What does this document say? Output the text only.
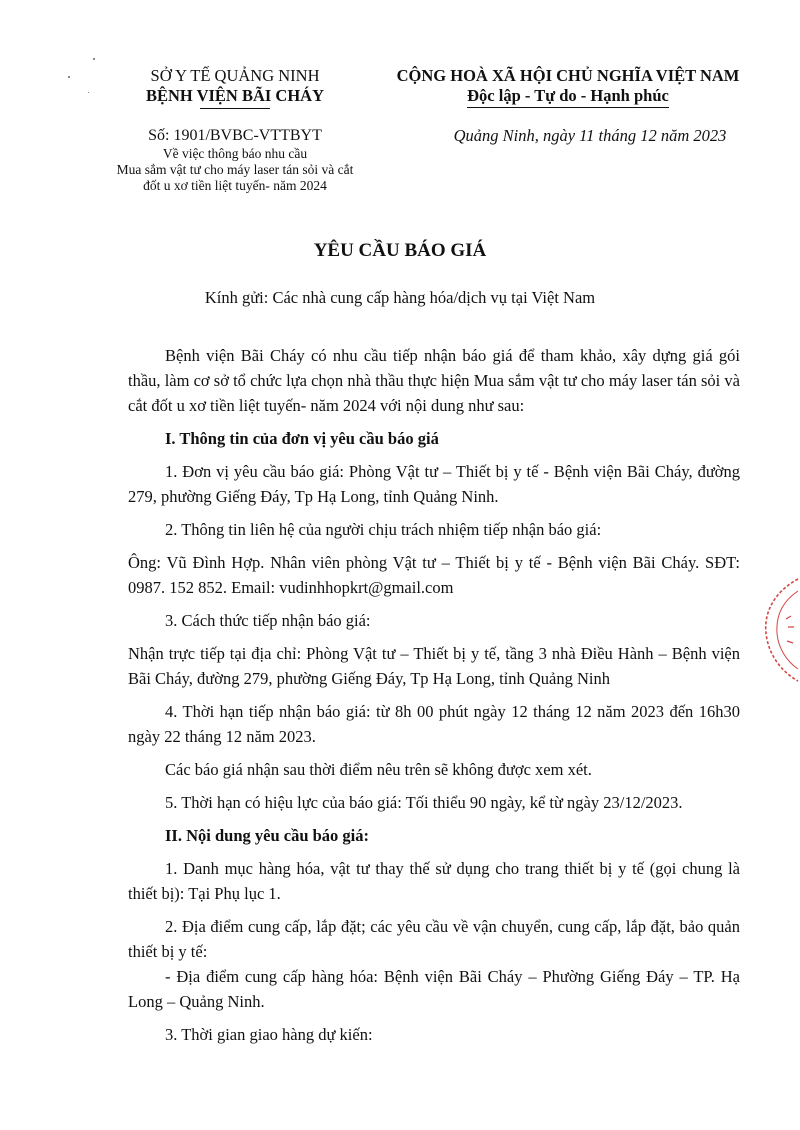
SỞ Y TẾ QUẢNG NINH
BỆNH VIỆN BÃI CHÁY
CỘNG HOÀ XÃ HỘI CHỦ NGHĨA VIỆT NAM
Độc lập - Tự do - Hạnh phúc
Số: 1901/BVBC-VTTBYT
Về việc thông báo nhu cầu
Mua sắm vật tư cho máy laser tán sỏi và cắt
đốt u xơ tiền liệt tuyến- năm 2024
Quảng Ninh, ngày 11 tháng 12 năm 2023
YÊU CẦU BÁO GIÁ
Kính gửi: Các nhà cung cấp hàng hóa/dịch vụ tại Việt Nam

Bệnh viện Bãi Cháy có nhu cầu tiếp nhận báo giá để tham khảo, xây dựng giá gói thầu, làm cơ sở tổ chức lựa chọn nhà thầu thực hiện Mua sắm vật tư cho máy laser tán sỏi và cắt đốt u xơ tiền liệt tuyến- năm 2024 với nội dung như sau:

I. Thông tin của đơn vị yêu cầu báo giá

1. Đơn vị yêu cầu báo giá: Phòng Vật tư – Thiết bị y tế - Bệnh viện Bãi Cháy, đường 279, phường Giếng Đáy, Tp Hạ Long, tỉnh Quảng Ninh.

2. Thông tin liên hệ của người chịu trách nhiệm tiếp nhận báo giá:

Ông: Vũ Đình Hợp. Nhân viên phòng Vật tư – Thiết bị y tế - Bệnh viện Bãi Cháy. SĐT: 0987. 152 852. Email: vudinhhopkrt@gmail.com

3. Cách thức tiếp nhận báo giá:

Nhận trực tiếp tại địa chỉ: Phòng Vật tư – Thiết bị y tế, tầng 3 nhà Điều Hành – Bệnh viện Bãi Cháy, đường 279, phường Giếng Đáy, Tp Hạ Long, tỉnh Quảng Ninh

4. Thời hạn tiếp nhận báo giá: từ 8h 00 phút ngày 12 tháng 12 năm 2023 đến 16h30 ngày 22 tháng 12 năm 2023.

Các báo giá nhận sau thời điểm nêu trên sẽ không được xem xét.

5. Thời hạn có hiệu lực của báo giá: Tối thiểu 90 ngày, kể từ ngày 23/12/2023.

II. Nội dung yêu cầu báo giá:

1. Danh mục hàng hóa, vật tư thay thế sử dụng cho trang thiết bị y tế (gọi chung là thiết bị): Tại Phụ lục 1.

2. Địa điểm cung cấp, lắp đặt; các yêu cầu về vận chuyển, cung cấp, lắp đặt, bảo quản thiết bị y tế:

- Địa điểm cung cấp hàng hóa: Bệnh viện Bãi Cháy – Phường Giếng Đáy – TP. Hạ Long – Quảng Ninh.

3. Thời gian giao hàng dự kiến:
